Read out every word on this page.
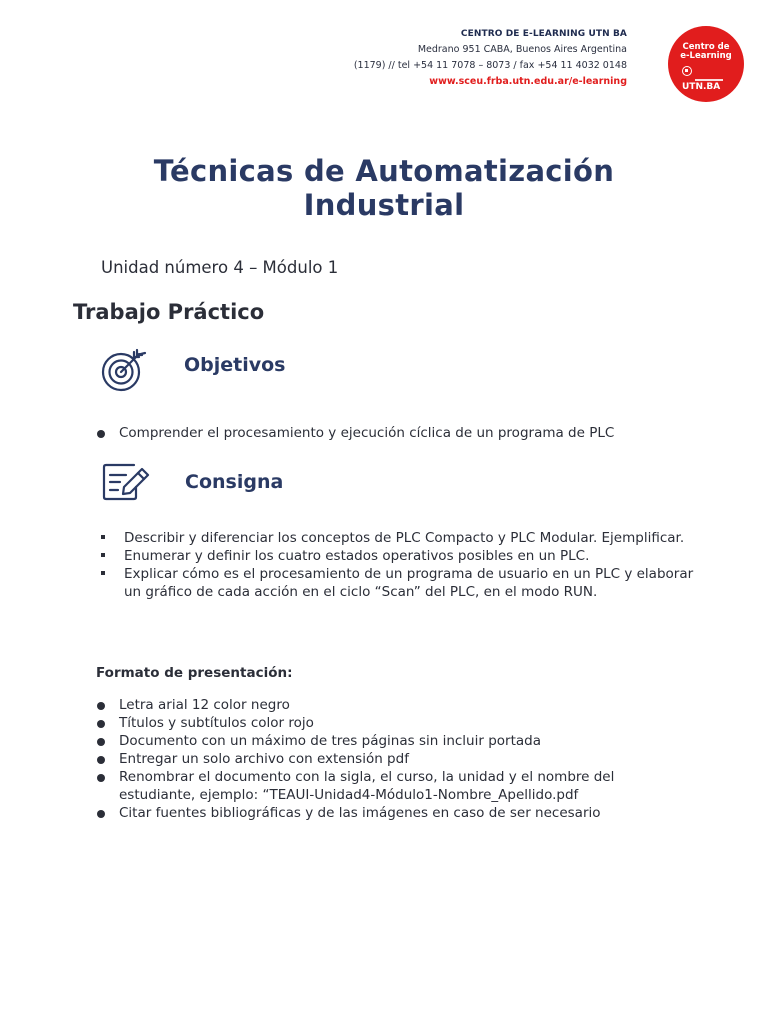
CENTRO DE E-LEARNING UTN BA
Medrano 951 CABA, Buenos Aires Argentina
(1179) // tel +54 11 7078 – 8073 / fax +54 11 4032 0148
www.sceu.frba.utn.edu.ar/e-learning
Centro de
e-Learning
UTN.BA
Técnicas de Automatización
Industrial
Unidad número 4 – Módulo 1
Trabajo Práctico
Objetivos
Comprender el procesamiento y ejecución cíclica de un programa de PLC
Consigna
Describir y diferenciar los conceptos de PLC Compacto y PLC Modular. Ejemplificar.
Enumerar y definir los cuatro estados operativos posibles en un PLC.
Explicar cómo es el procesamiento de un programa de usuario en un PLC y elaborar un gráfico de cada acción en el ciclo “Scan” del PLC, en el modo RUN.
Formato de presentación:
Letra arial 12 color negro
Títulos y subtítulos color rojo
Documento con un máximo de tres páginas sin incluir portada
Entregar un solo archivo con extensión pdf
Renombrar el documento con la sigla, el curso, la unidad y el nombre del estudiante, ejemplo: “TEAUI-Unidad4-Módulo1-Nombre_Apellido.pdf
Citar fuentes bibliográficas y de las imágenes en caso de ser necesario
